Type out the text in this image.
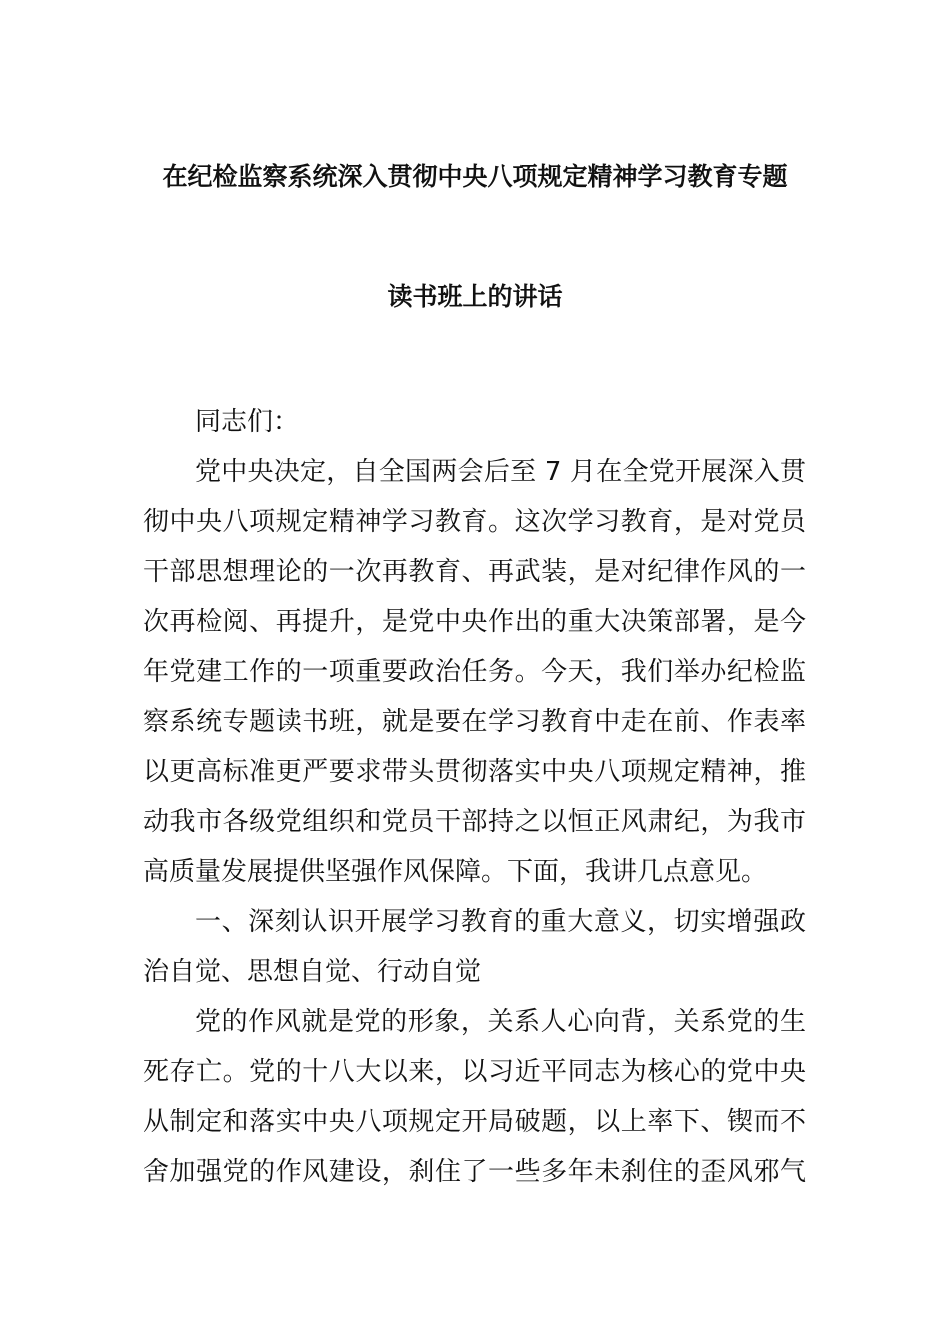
在纪检监察系统深入贯彻中央八项规定精神学习教育专题
读书班上的讲话
同志们：
党中央决定，自全国两会后至 7 月在全党开展深入贯
彻中央八项规定精神学习教育。这次学习教育，是对党员
干部思想理论的一次再教育、再武装，是对纪律作风的一
次再检阅、再提升，是党中央作出的重大决策部署，是今
年党建工作的一项重要政治任务。今天，我们举办纪检监
察系统专题读书班，就是要在学习教育中走在前、作表率
以更高标准更严要求带头贯彻落实中央八项规定精神，推
动我市各级党组织和党员干部持之以恒正风肃纪，为我市
高质量发展提供坚强作风保障。下面，我讲几点意见。
一、深刻认识开展学习教育的重大意义，切实增强政
治自觉、思想自觉、行动自觉
党的作风就是党的形象，关系人心向背，关系党的生
死存亡。党的十八大以来，以习近平同志为核心的党中央
从制定和落实中央八项规定开局破题，以上率下、锲而不
舍加强党的作风建设，刹住了一些多年未刹住的歪风邪气
